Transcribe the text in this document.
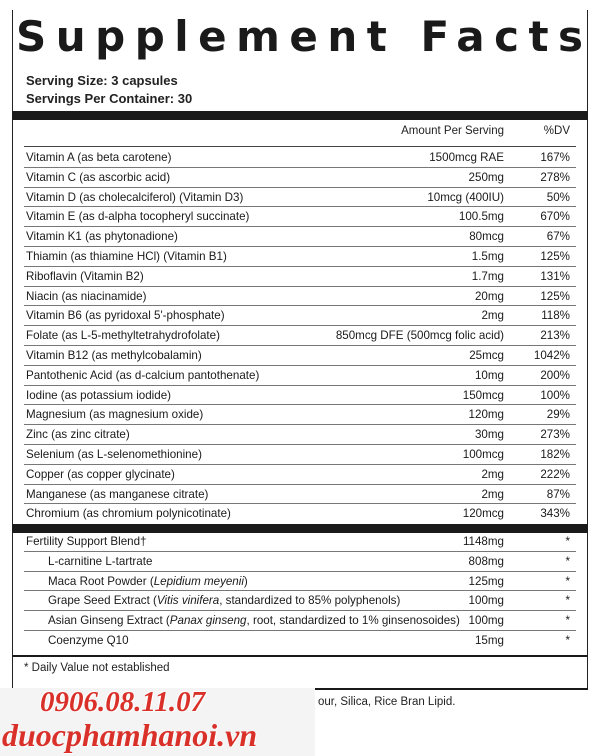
Supplement Facts
Serving Size: 3 capsules
Servings Per Container: 30
Amount Per Serving	%DV
Vitamin A (as beta carotene)	1500mcg RAE	167%
Vitamin C (as ascorbic acid)	250mg	278%
Vitamin D (as cholecalciferol) (Vitamin D3)	10mcg (400IU)	50%
Vitamin E (as d-alpha tocopheryl succinate)	100.5mg	670%
Vitamin K1 (as phytonadione)	80mcg	67%
Thiamin (as thiamine HCl) (Vitamin B1)	1.5mg	125%
Riboflavin (Vitamin B2)	1.7mg	131%
Niacin (as niacinamide)	20mg	125%
Vitamin B6 (as pyridoxal 5'-phosphate)	2mg	118%
Folate (as L-5-methyltetrahydrofolate)	850mcg DFE (500mcg folic acid)	213%
Vitamin B12 (as methylcobalamin)	25mcg	1042%
Pantothenic Acid (as d-calcium pantothenate)	10mg	200%
Iodine (as potassium iodide)	150mcg	100%
Magnesium (as magnesium oxide)	120mg	29%
Zinc (as zinc citrate)	30mg	273%
Selenium (as L-selenomethionine)	100mcg	182%
Copper (as copper glycinate)	2mg	222%
Manganese (as manganese citrate)	2mg	87%
Chromium (as chromium polynicotinate)	120mcg	343%
Fertility Support Blend†	1148mg	*
L-carnitine L-tartrate	808mg	*
Maca Root Powder (Lepidium meyenii)	125mg	*
Grape Seed Extract (Vitis vinifera, standardized to 85% polyphenols)	100mg	*
Asian Ginseng Extract (Panax ginseng, root, standardized to 1% ginsenosoides) 100mg	*
Coenzyme Q10	15mg	*
* Daily Value not established
our, Silica, Rice Bran Lipid.
0906.08.11.07
duocphamhanoi.vn
